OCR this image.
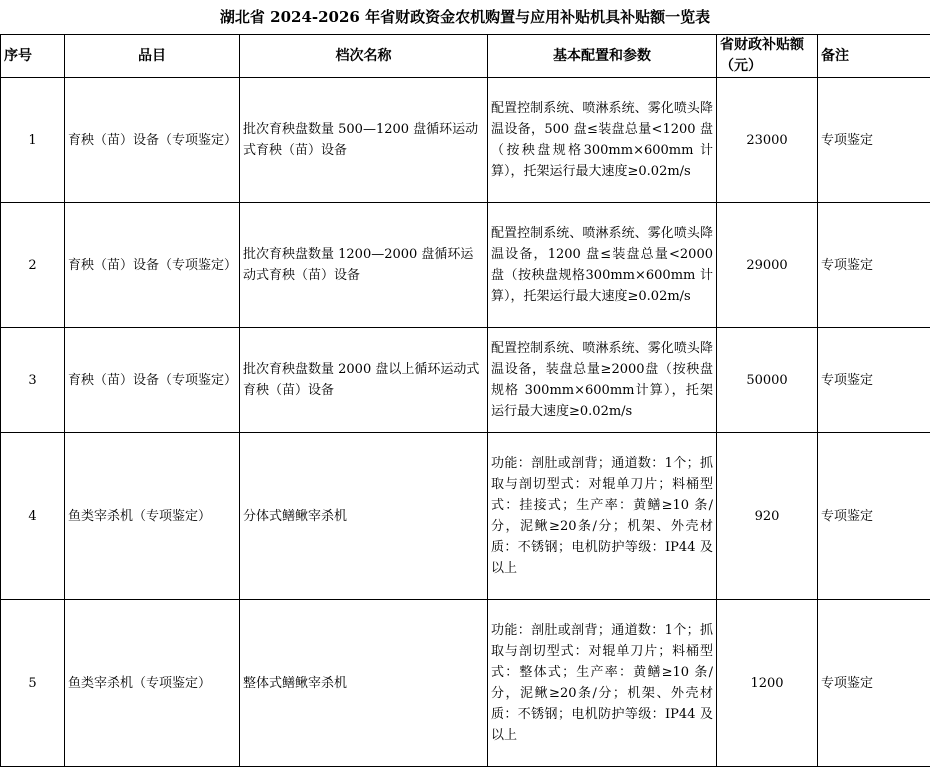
湖北省 2024-2026 年省财政资金农机购置与应用补贴机具补贴额一览表
序号	品目	档次名称	基本配置和参数	省财政补贴额（元）	备注
1	育秧（苗）设备（专项鉴定）	批次育秧盘数量 500—1200 盘循环运动式育秧（苗）设备	配置控制系统、喷淋系统、雾化喷头降温设备，500 盘≤装盘总量<1200 盘（按秧盘规格300mm×600mm 计算），托架运行最大速度≥0.02m/s	23000	专项鉴定
2	育秧（苗）设备（专项鉴定）	批次育秧盘数量 1200—2000 盘循环运动式育秧（苗）设备	配置控制系统、喷淋系统、雾化喷头降温设备，1200 盘≤装盘总量<2000 盘（按秧盘规格300mm×600mm 计算），托架运行最大速度≥0.02m/s	29000	专项鉴定
3	育秧（苗）设备（专项鉴定）	批次育秧盘数量 2000 盘以上循环运动式育秧（苗）设备	配置控制系统、喷淋系统、雾化喷头降温设备，装盘总量≥2000盘（按秧盘规格 300mm×600mm计算），托架运行最大速度≥0.02m/s	50000	专项鉴定
4	鱼类宰杀机（专项鉴定）	分体式鳝鳅宰杀机	功能：剖肚或剖背；通道数：1个；抓取与剖切型式：对辊单刀片；料桶型式：挂接式；生产率：黄鳝≥10 条/分，泥鳅≥20条/分；机架、外壳材质：不锈钢；电机防护等级：IP44 及以上	920	专项鉴定
5	鱼类宰杀机（专项鉴定）	整体式鳝鳅宰杀机	功能：剖肚或剖背；通道数：1个；抓取与剖切型式：对辊单刀片；料桶型式：整体式；生产率：黄鳝≥10 条/分，泥鳅≥20条/分；机架、外壳材质：不锈钢；电机防护等级：IP44 及以上	1200	专项鉴定
